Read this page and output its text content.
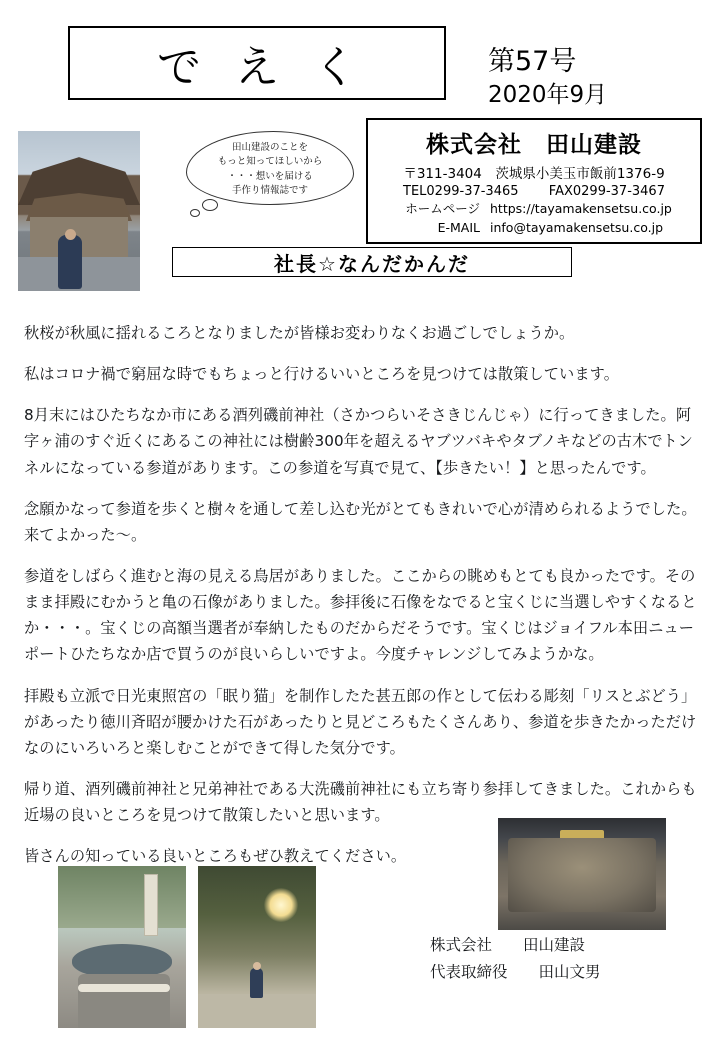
でえく	第57号
2020年9月
田山建設のことを
もっと知ってほしいから
・・・想いを届ける
手作り情報誌です
株式会社　田山建設
〒311-3404　茨城県小美玉市飯前1376-9
TEL0299-37-3465 FAX0299-37-3467
ホームページ https://tayamakensetsu.co.jp
E-MAIL info@tayamakensetsu.co.jp
社長☆なんだかんだ

秋桜が秋風に揺れるころとなりましたが皆様お変わりなくお過ごしでしょうか。

私はコロナ禍で窮屈な時でもちょっと行けるいいところを見つけては散策しています。

8月末にはひたちなか市にある酒列磯前神社（さかつらいそさきじんじゃ）に行ってきました。阿字ヶ浦のすぐ近くにあるこの神社には樹齢300年を超えるヤブツバキやタブノキなどの古木でトンネルになっている参道があります。この参道を写真で見て、【歩きたい！】と思ったんです。

念願かなって参道を歩くと樹々を通して差し込む光がとてもきれいで心が清められるようでした。来てよかった〜。

参道をしばらく進むと海の見える鳥居がありました。ここからの眺めもとても良かったです。そのまま拝殿にむかうと亀の石像がありました。参拝後に石像をなでると宝くじに当選しやすくなるとか・・・。宝くじの高額当選者が奉納したものだからだそうです。宝くじはジョイフル本田ニューポートひたちなか店で買うのが良いらしいですよ。今度チャレンジしてみようかな。

拝殿も立派で日光東照宮の「眠り猫」を制作したた甚五郎の作として伝わる彫刻「リスとぶどう」があったり徳川斉昭が腰かけた石があったりと見どころもたくさんあり、参道を歩きたかっただけなのにいろいろと楽しむことができて得した気分です。

帰り道、酒列磯前神社と兄弟神社である大洗磯前神社にも立ち寄り参拝してきました。これからも近場の良いところを見つけて散策したいと思います。

皆さんの知っている良いところもぜひ教えてください。

株式会社　　田山建設
代表取締役　　田山文男
